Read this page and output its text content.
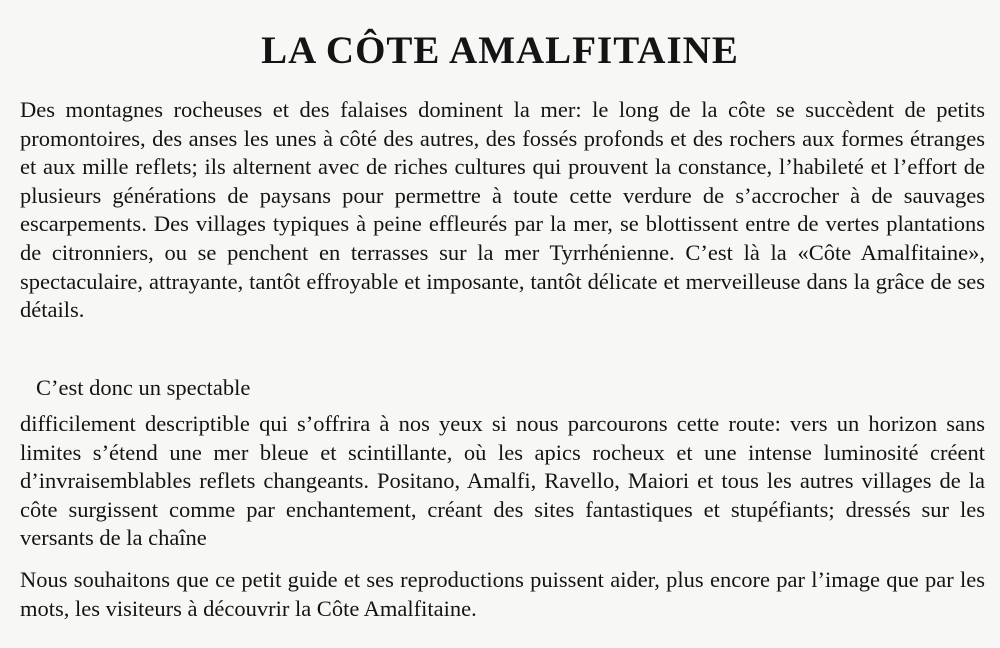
LA CÔTE AMALFITAINE

Des montagnes rocheuses et des falaises dominent la mer: le long de la côte se succèdent de petits promontoires, des anses les unes à côté des autres, des fossés profonds et des rochers aux formes étranges et aux mille reflets; ils alternent avec de riches cultures qui prouvent la constance, l’habileté et l’effort de plusieurs générations de paysans pour permettre à toute cette verdure de s’accrocher à de sauvages escarpements. Des villages typiques à peine effleurés par la mer, se blottissent entre de vertes plantations de citronniers, ou se penchent en terrasses sur la mer Tyrrhénienne. C’est là la «Côte Amalfitaine», spectaculaire, attrayante, tantôt effroyable et imposante, tantôt délicate et merveilleuse dans la grâce de ses détails.

C’est donc un spectable

difficilement descriptible qui s’offrira à nos yeux si nous parcourons cette route: vers un horizon sans limites s’étend une mer bleue et scintillante, où les apics rocheux et une intense luminosité créent d’invraisemblables reflets changeants. Positano, Amalfi, Ravello, Maiori et tous les autres villages de la côte surgissent comme par enchantement, créant des sites fantastiques et stupéfiants; dressés sur les versants de la chaîne

Nous souhaitons que ce petit guide et ses reproductions puissent aider, plus encore par l’image que par les mots, les visiteurs à découvrir la Côte Amalfitaine.
